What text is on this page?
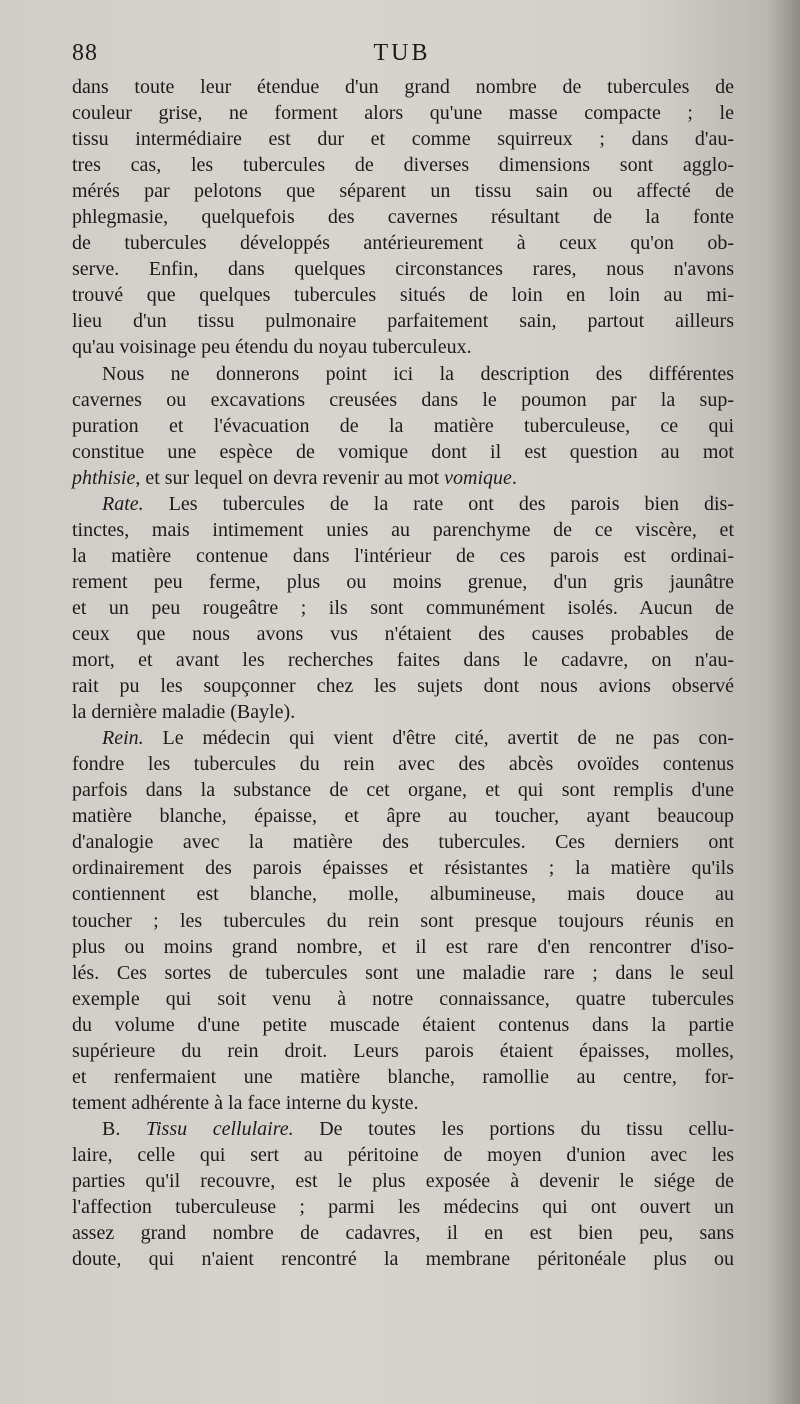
88	TUB
dans toute leur étendue d'un grand nombre de tubercules de
couleur grise, ne forment alors qu'une masse compacte ; le
tissu intermédiaire est dur et comme squirreux ; dans d'au-
tres cas, les tubercules de diverses dimensions sont agglo-
mérés par pelotons que séparent un tissu sain ou affecté de
phlegmasie, quelquefois des cavernes résultant de la fonte
de tubercules développés antérieurement à ceux qu'on ob-
serve. Enfin, dans quelques circonstances rares, nous n'avons
trouvé que quelques tubercules situés de loin en loin au mi-
lieu d'un tissu pulmonaire parfaitement sain, partout ailleurs
qu'au voisinage peu étendu du noyau tuberculeux.
Nous ne donnerons point ici la description des différentes
cavernes ou excavations creusées dans le poumon par la sup-
puration et l'évacuation de la matière tuberculeuse, ce qui
constitue une espèce de vomique dont il est question au mot
phthisie, et sur lequel on devra revenir au mot vomique.
Rate. Les tubercules de la rate ont des parois bien dis-
tinctes, mais intimement unies au parenchyme de ce viscère, et
la matière contenue dans l'intérieur de ces parois est ordinai-
rement peu ferme, plus ou moins grenue, d'un gris jaunâtre
et un peu rougeâtre ; ils sont communément isolés. Aucun de
ceux que nous avons vus n'étaient des causes probables de
mort, et avant les recherches faites dans le cadavre, on n'au-
rait pu les soupçonner chez les sujets dont nous avions observé
la dernière maladie (Bayle).
Rein. Le médecin qui vient d'être cité, avertit de ne pas con-
fondre les tubercules du rein avec des abcès ovoïdes contenus
parfois dans la substance de cet organe, et qui sont remplis d'une
matière blanche, épaisse, et âpre au toucher, ayant beaucoup
d'analogie avec la matière des tubercules. Ces derniers ont
ordinairement des parois épaisses et résistantes ; la matière qu'ils
contiennent est blanche, molle, albumineuse, mais douce au
toucher ; les tubercules du rein sont presque toujours réunis en
plus ou moins grand nombre, et il est rare d'en rencontrer d'iso-
lés. Ces sortes de tubercules sont une maladie rare ; dans le seul
exemple qui soit venu à notre connaissance, quatre tubercules
du volume d'une petite muscade étaient contenus dans la partie
supérieure du rein droit. Leurs parois étaient épaisses, molles,
et renfermaient une matière blanche, ramollie au centre, for-
tement adhérente à la face interne du kyste.
B. Tissu cellulaire. De toutes les portions du tissu cellu-
laire, celle qui sert au péritoine de moyen d'union avec les
parties qu'il recouvre, est le plus exposée à devenir le siége de
l'affection tuberculeuse ; parmi les médecins qui ont ouvert un
assez grand nombre de cadavres, il en est bien peu, sans
doute, qui n'aient rencontré la membrane péritonéale plus ou
